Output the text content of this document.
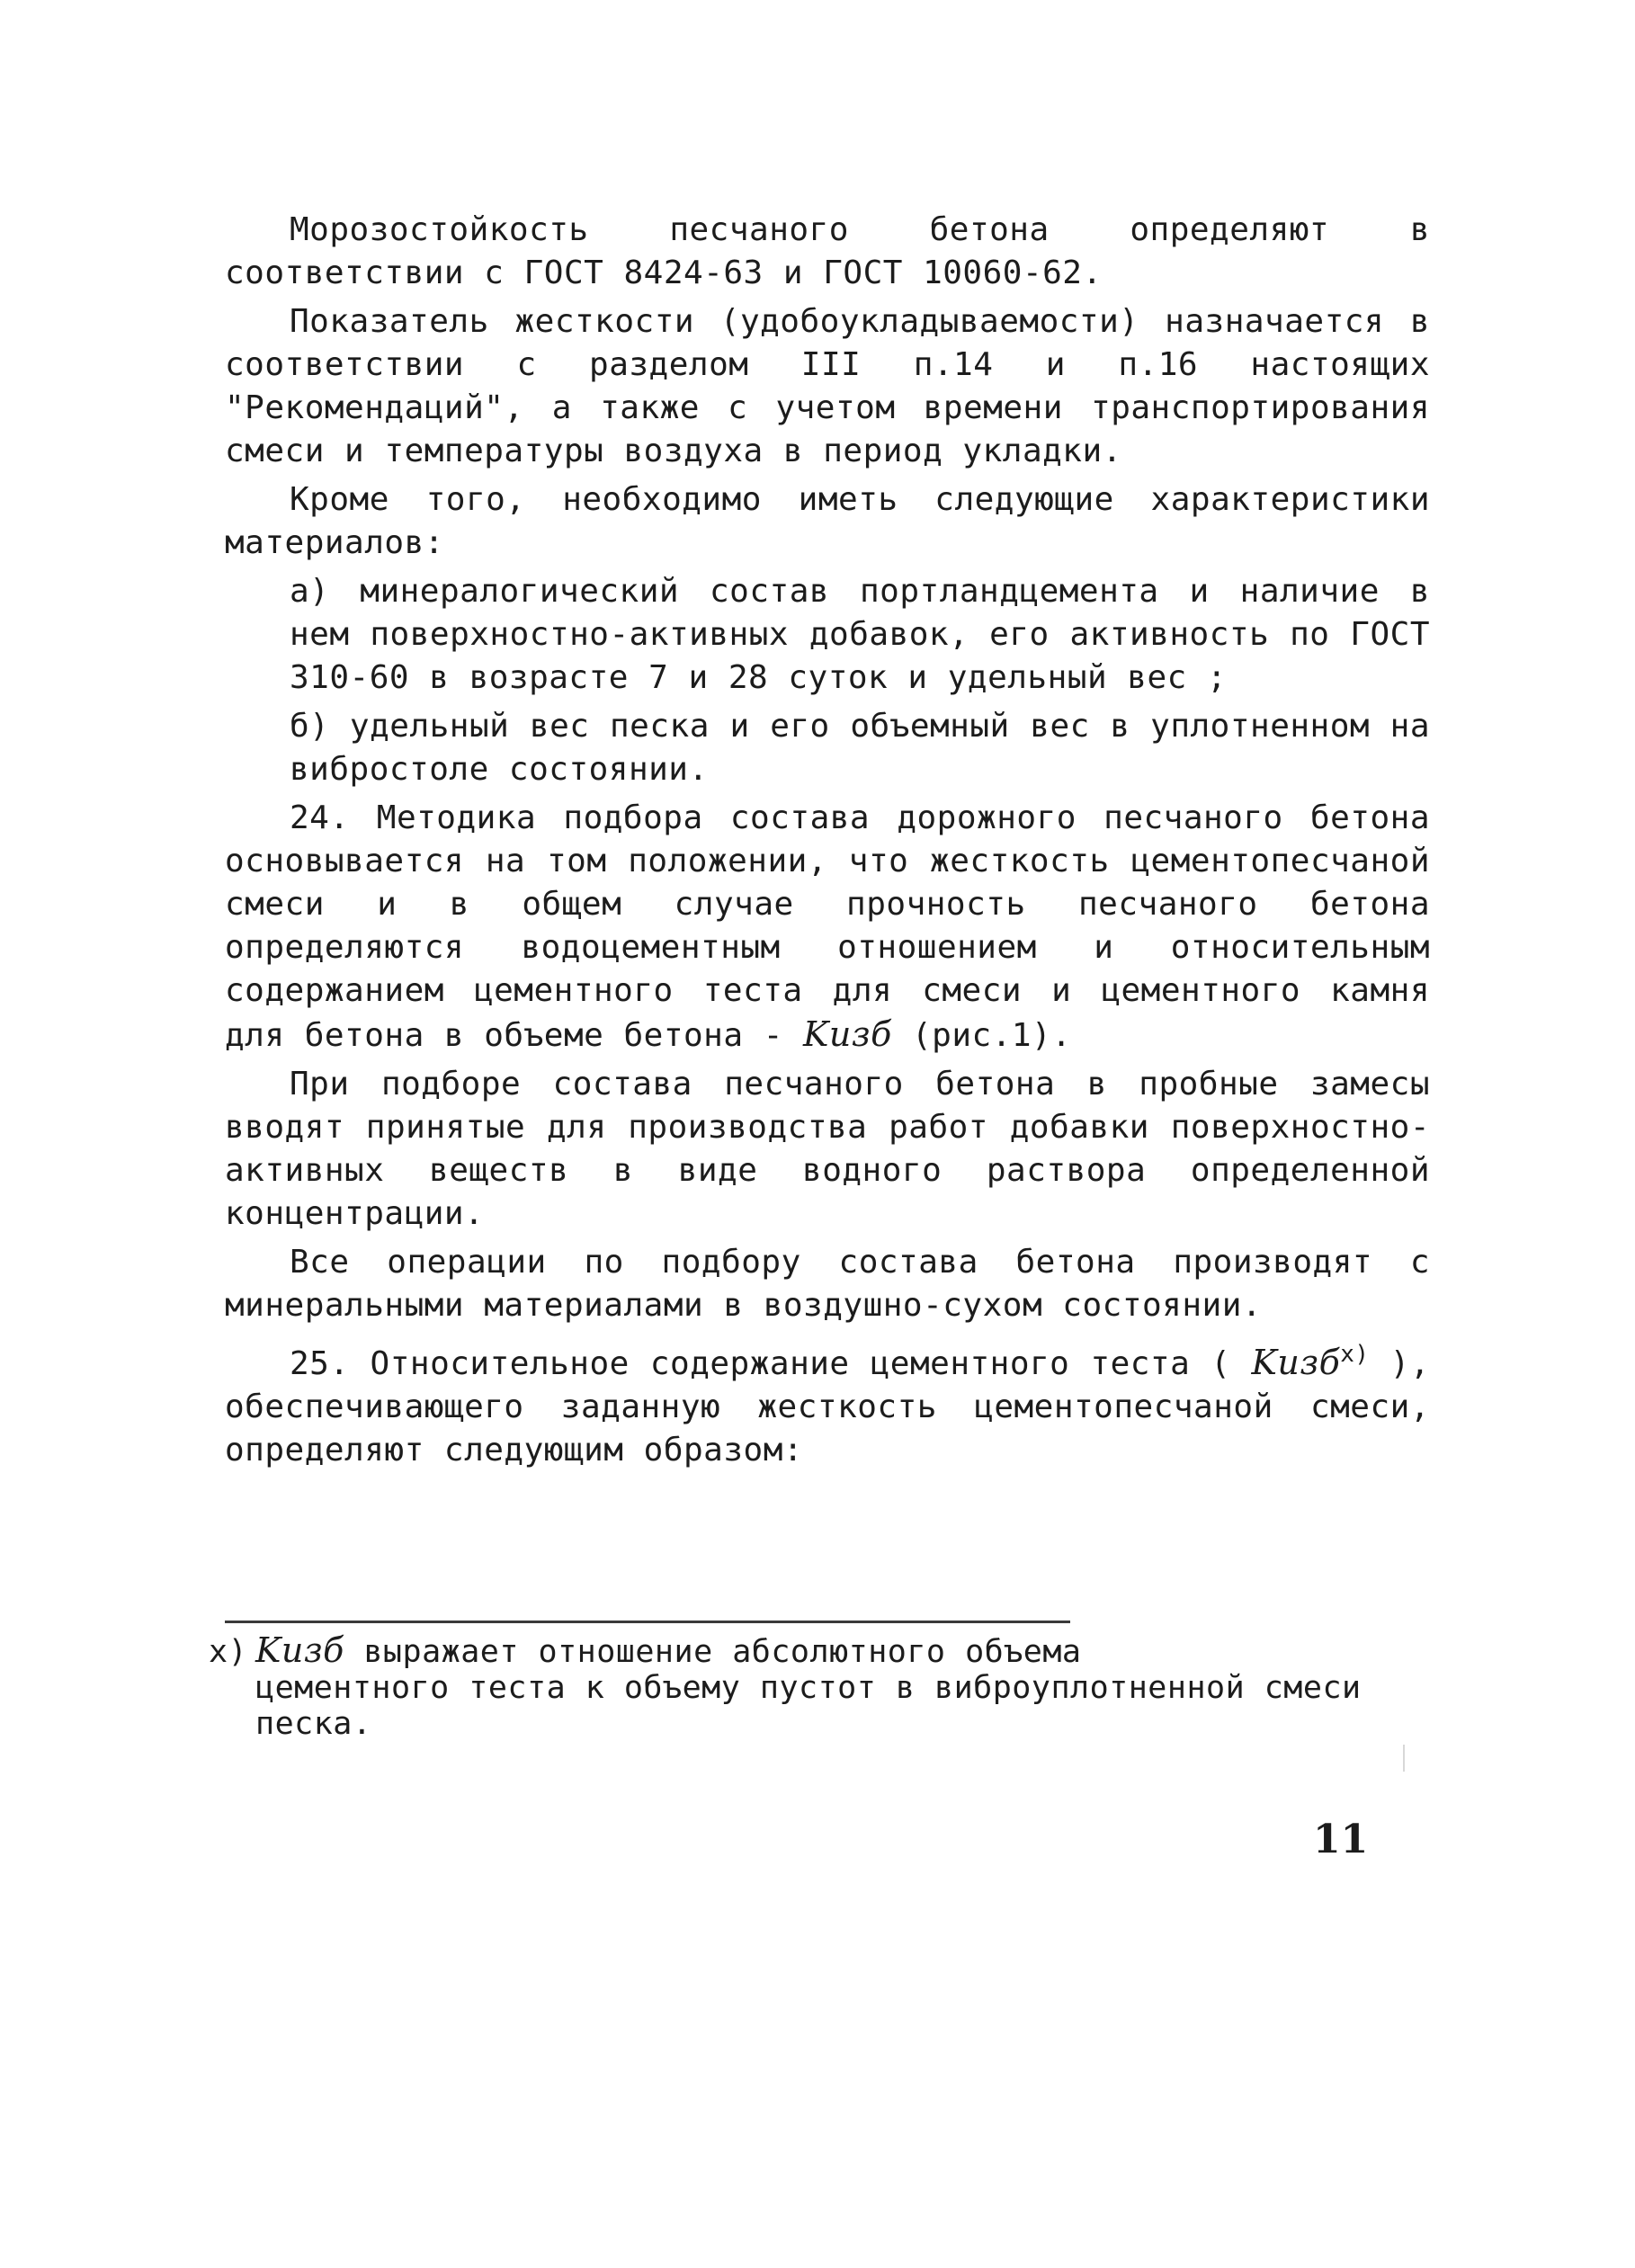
Морозостойкость песчаного бетона определяют в соответствии с ГОСТ 8424-63 и ГОСТ 10060-62.

Показатель жесткости (удобоукладываемости) назначается в соответствии с разделом III п.14 и п.16 настоящих "Рекомендаций", а также с учетом времени транспортирования смеси и температуры воздуха в период укладки.

Кроме того, необходимо иметь следующие характеристики материалов:

а) минералогический состав портландцемента и наличие в нем поверхностно-активных добавок, его активность по ГОСТ 310-60 в возрасте 7 и 28 суток и удельный вес ;

б) удельный вес песка и его объемный вес в уплотненном на вибростоле состоянии.

24. Методика подбора состава дорожного песчаного бетона основывается на том положении, что жесткость цементопесчаной смеси и в общем случае прочность песчаного бетона определяются водоцементным отношением и относительным содержанием цементного теста для смеси и цементного камня для бетона в объеме бетона - Kизб (рис.1).

При подборе состава песчаного бетона в пробные замесы вводят принятые для производства работ добавки поверхностно-активных веществ в виде водного раствора определенной концентрации.

Все операции по подбору состава бетона производят с минеральными материалами в воздушно-сухом состоянии.

25. Относительное содержание цементного теста ( Kизб$^{x)}$ ), обеспечивающего заданную жесткость цементопесчаной смеси, определяют следующим образом:

x) Kизб выражает отношение абсолютного объема
цементного теста к объему пустот в виброуплотненной смеси песка.
11
